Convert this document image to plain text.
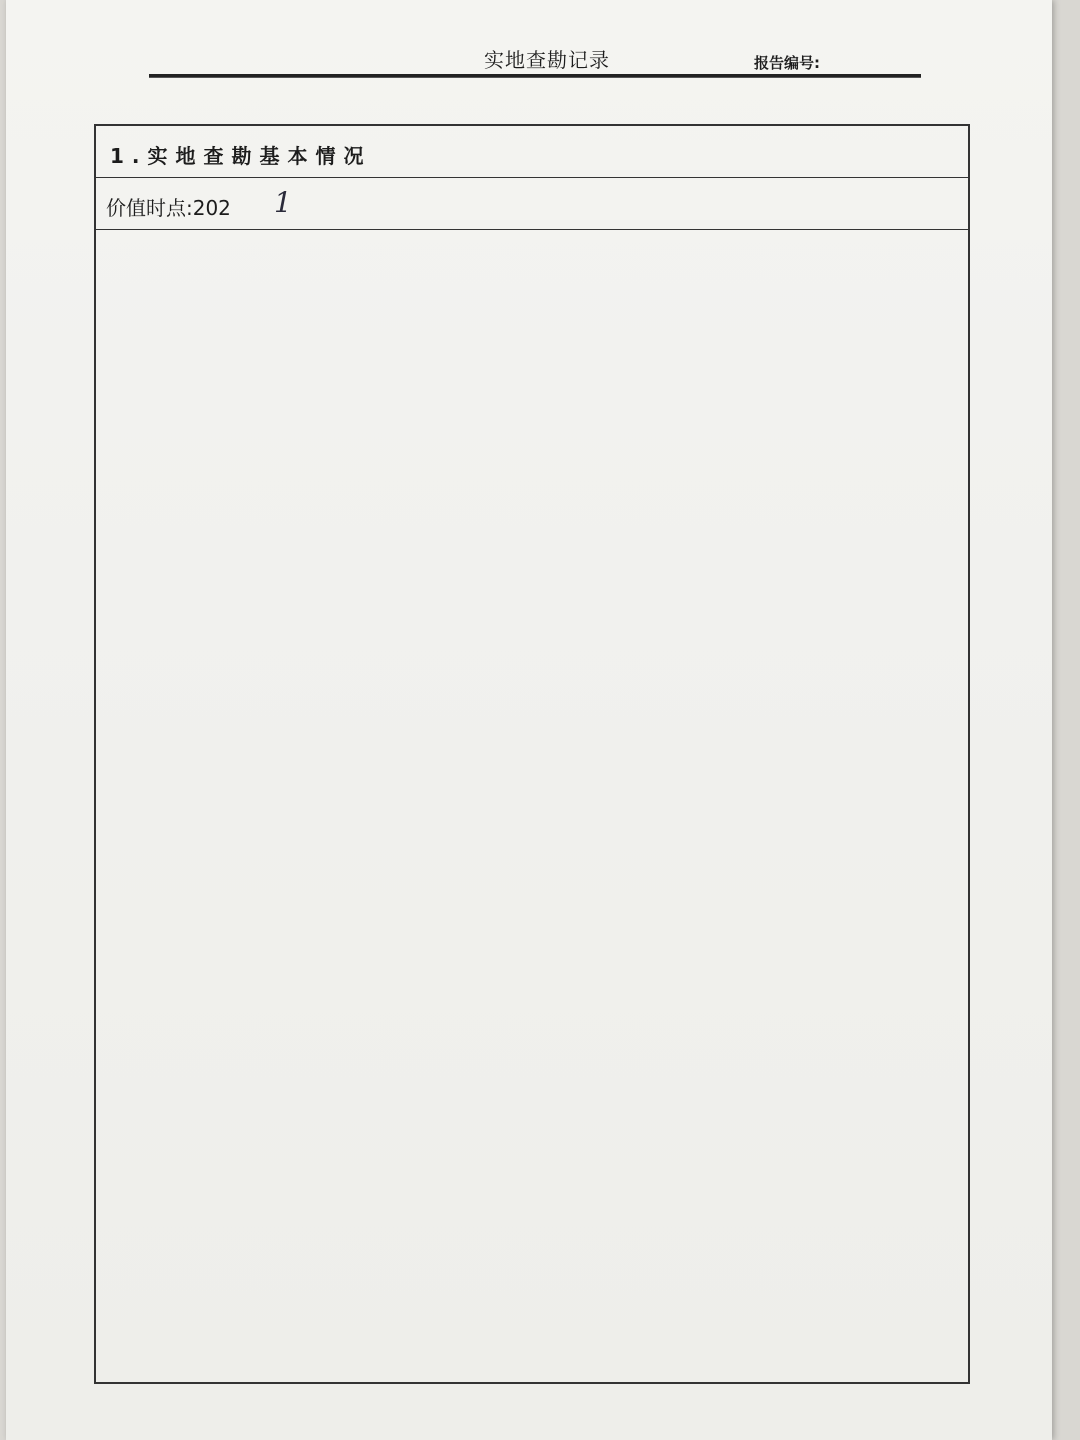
实地查勘记录	报告编号:
1.实地查勘基本情况
价值时点:202 1
